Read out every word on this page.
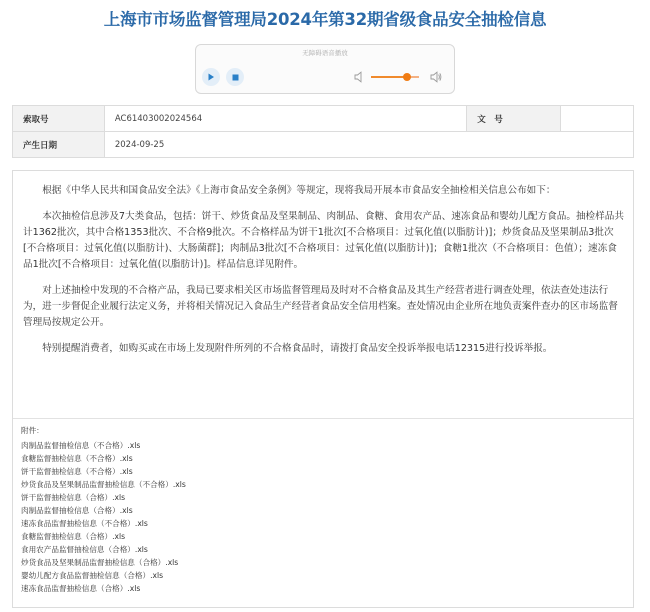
上海市市场监督管理局2024年第32期省级食品安全抽检信息
无障碍语音播放
索取号	AC61403002024564	文　号	
产生日期	2024-09-25		

根据《中华人民共和国食品安全法》《上海市食品安全条例》等规定，现将我局开展本市食品安全抽检相关信息公布如下：

本次抽检信息涉及7大类食品，包括：饼干、炒货食品及坚果制品、肉制品、食糖、食用农产品、速冻食品和婴幼儿配方食品。抽检样品共计1362批次，其中合格1353批次、不合格9批次。不合格样品为饼干1批次[不合格项目：过氧化值(以脂肪计)]；炒货食品及坚果制品3批次[不合格项目：过氧化值(以脂肪计)、大肠菌群]；肉制品3批次[不合格项目：过氧化值(以脂肪计)]；食糖1批次（不合格项目：色值）；速冻食品1批次[不合格项目：过氧化值(以脂肪计)]。样品信息详见附件。

对上述抽检中发现的不合格产品，我局已要求相关区市场监督管理局及时对不合格食品及其生产经营者进行调查处理，依法查处违法行为，进一步督促企业履行法定义务，并将相关情况记入食品生产经营者食品安全信用档案。查处情况由企业所在地负责案件查办的区市场监督管理局按规定公开。

特别提醒消费者，如购买或在市场上发现附件所列的不合格食品时，请拨打食品安全投诉举报电话12315进行投诉举报。

附件：
肉制品监督抽检信息（不合格）.xls
食糖监督抽检信息（不合格）.xls
饼干监督抽检信息（不合格）.xls
炒货食品及坚果制品监督抽检信息（不合格）.xls
饼干监督抽检信息（合格）.xls
肉制品监督抽检信息（合格）.xls
速冻食品监督抽检信息（不合格）.xls
食糖监督抽检信息（合格）.xls
食用农产品监督抽检信息（合格）.xls
炒货食品及坚果制品监督抽检信息（合格）.xls
婴幼儿配方食品监督抽检信息（合格）.xls
速冻食品监督抽检信息（合格）.xls
